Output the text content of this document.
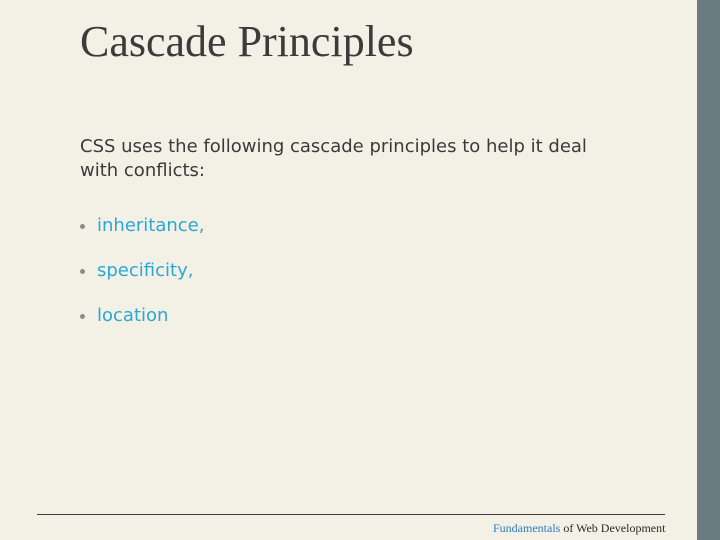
Cascade Principles

CSS uses the following cascade principles to help it deal with conflicts:

inheritance,
specificity,
location

Fundamentals of Web Development
